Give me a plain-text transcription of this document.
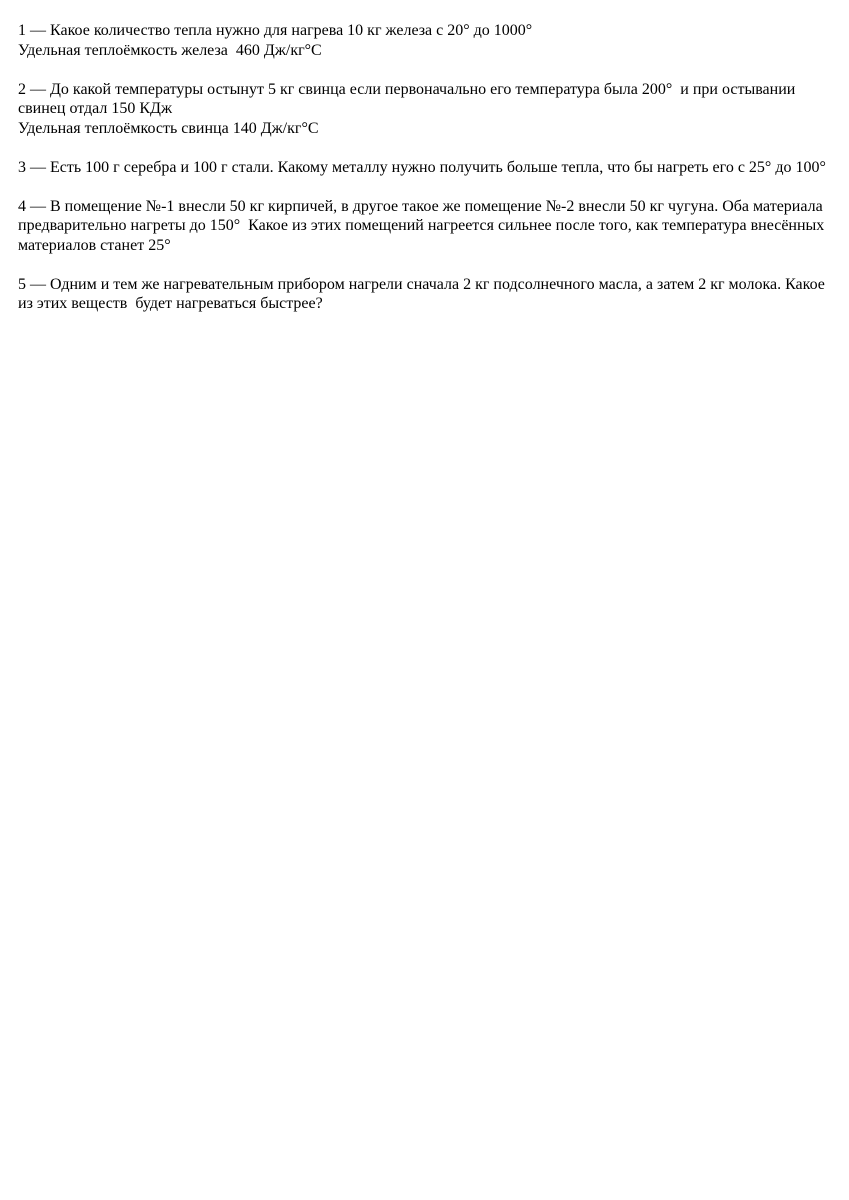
1 — Какое количество тепла нужно для нагрева 10 кг железа с 20° до 1000°

Удельная теплоёмкость железа  460 Дж/кг°С

2 — До какой температуры остынут 5 кг свинца если первоначально его температура была 200°  и при остывании свинец отдал 150 КДж

Удельная теплоёмкость свинца 140 Дж/кг°С

3 — Есть 100 г серебра и 100 г стали. Какому металлу нужно получить больше тепла, что бы нагреть его с 25° до 100°

4 — В помещение №-1 внесли 50 кг кирпичей, в другое такое же помещение №-2 внесли 50 кг чугуна. Оба материала предварительно нагреты до 150°  Какое из этих помещений нагреется сильнее после того, как температура внесённых материалов станет 25°

5 — Одним и тем же нагревательным прибором нагрели сначала 2 кг подсолнечного масла, а затем 2 кг молока. Какое из этих веществ  будет нагреваться быстрее?
